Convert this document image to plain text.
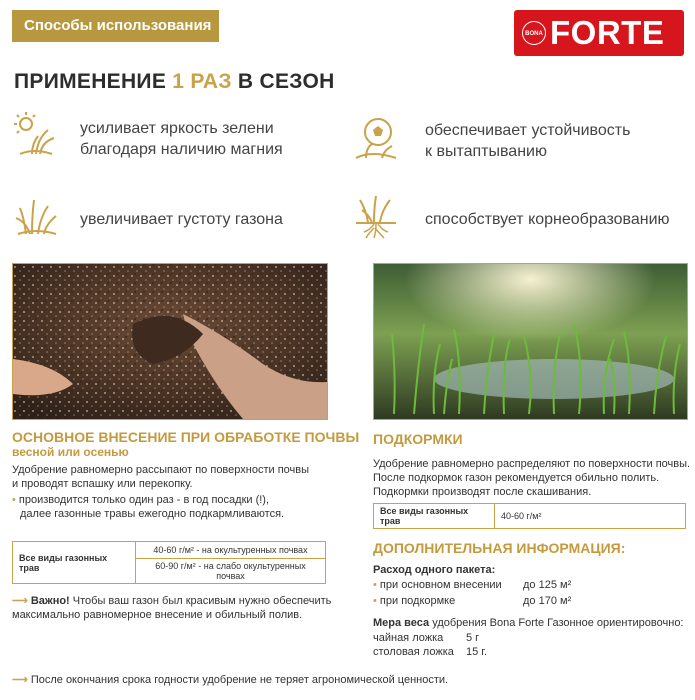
Способы использования	BONA FORTE
ПРИМЕНЕНИЕ 1 РАЗ В СЕЗОН
усиливает яркость зелени
благодаря наличию магния
обеспечивает устойчивость
к вытаптыванию
увеличивает густоту газона	способствует корнеобразованию
ОСНОВНОЕ ВНЕСЕНИЕ ПРИ ОБРАБОТКЕ ПОЧВЫ
весной или осенью
Удобрение равномерно рассыпают по поверхности почвы
и проводят вспашку или перекопку.
• производится только один раз - в год посадки (!),
далее газонные травы ежегодно подкармливаются.
Все виды газонных трав	40-60 г/м² - на окультуренных почвах
60-90 г/м² - на слабо окультуренных почвах
⟶ Важно! Чтобы ваш газон был красивым нужно обеспечить
максимально равномерное внесение и обильный полив.
ПОДКОРМКИ
Удобрение равномерно распределяют по поверхности почвы.
После подкормок газон рекомендуется обильно полить.
Подкормки производят после скашивания.
Все виды газонных трав	40-60 г/м²
ДОПОЛНИТЕЛЬНАЯ ИНФОРМАЦИЯ:
Расход одного пакета:
• при основном внесении до 125 м²
• при подкормке	до 170 м²
Мера веса удобрения Bona Forte Газонное ориентировочно:
чайная ложка 5 г
столовая ложка 15 г.
⟶ После окончания срока годности удобрение не теряет агрономической ценности.
